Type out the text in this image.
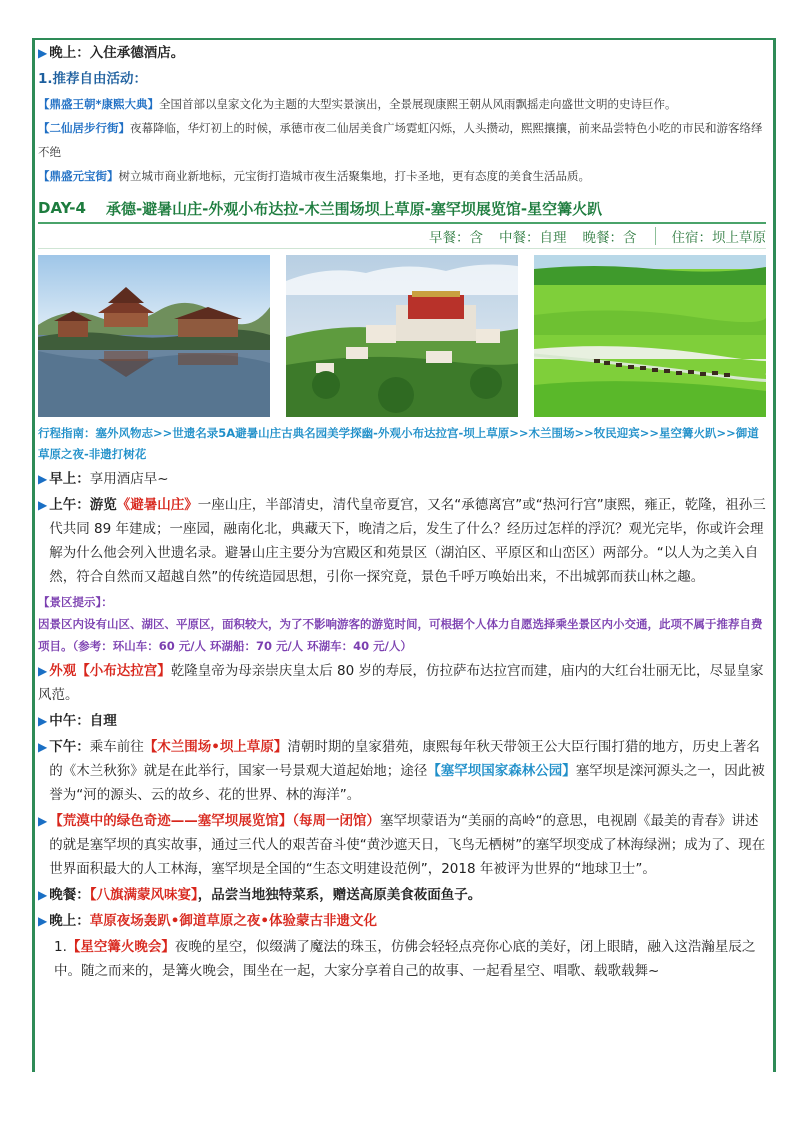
▶ 晚上：入住承德酒店。
1.推荐自由活动：
【鼎盛王朝*康熙大典】全国首部以皇家文化为主题的大型实景演出，全景展现康熙王朝从风雨飘摇走向盛世文明的史诗巨作。
【二仙居步行街】夜幕降临，华灯初上的时候，承德市夜二仙居美食广场霓虹闪烁，人头攒动，熙熙攘攘，前来品尝特色小吃的市民和游客络绎不绝
【鼎盛元宝街】树立城市商业新地标，元宝街打造城市夜生活聚集地，打卡圣地，更有态度的美食生活品质。
DAY-4 承德-避暑山庄-外观小布达拉-木兰围场坝上草原-塞罕坝展览馆-星空篝火趴
早餐：含 中餐：自理 晚餐：含	住宿：坝上草原
行程指南：塞外风物志>>世遗名录5A避暑山庄古典名园美学探幽-外观小布达拉宫-坝上草原>>木兰围场>>牧民迎宾>>星空篝火趴>>御道草原之夜-非遗打树花
▶ 早上：享用酒店早~
▶ 上午：游览《避暑山庄》一座山庄，半部清史，清代皇帝夏宫，又名“承德离宫”或“热河行宫”康熙，雍正，乾隆，祖孙三代共同 89 年建成；一座园，融南化北，典藏天下，晚清之后，发生了什么？经历过怎样的浮沉？观光完毕，你或许会理解为什么他会列入世遗名录。避暑山庄主要分为宫殿区和苑景区（湖泊区、平原区和山峦区）两部分。“以人为之美入自然，符合自然而又超越自然”的传统造园思想，引你一探究竟，景色千呼万唤始出来，不出城郭而获山林之趣。
【景区提示】：
因景区内设有山区、湖区、平原区，面积较大，为了不影响游客的游览时间，可根据个人体力自愿选择乘坐景区内小交通，此项不属于推荐自费项目。（参考：环山车：60 元/人 环湖船：70 元/人 环湖车：40 元/人）
▶ 外观【小布达拉宫】乾隆皇帝为母亲崇庆皇太后 80 岁的寿辰，仿拉萨布达拉宫而建，庙内的大红台壮丽无比，尽显皇家风范。
▶ 中午：自理
▶ 下午：乘车前往【木兰围场•坝上草原】清朝时期的皇家猎苑，康熙每年秋天带领王公大臣行围打猎的地方，历史上著名的《木兰秋狝》就是在此举行，国家一号景观大道起始地；途径【塞罕坝国家森林公园】塞罕坝是滦河源头之一，因此被誉为“河的源头、云的故乡、花的世界、林的海洋”。
▶ 【荒漠中的绿色奇迹——塞罕坝展览馆】（每周一闭馆）塞罕坝蒙语为“美丽的高岭“的意思，电视剧《最美的青春》讲述的就是塞罕坝的真实故事，通过三代人的艰苦奋斗使“黄沙遮天日，飞鸟无栖树”的塞罕坝变成了林海绿洲；成为了、现在世界面积最大的人工林海，塞罕坝是全国的“生态文明建设范例”，2018 年被评为世界的“地球卫士”。
▶ 晚餐：【八旗满蒙风味宴】，品尝当地独特菜系，赠送高原美食莜面鱼子。
▶ 晚上：草原夜场轰趴•御道草原之夜•体验蒙古非遗文化
1.【星空篝火晚会】夜晚的星空，似缀满了魔法的珠玉，仿佛会轻轻点亮你心底的美好，闭上眼睛，融入这浩瀚星辰之中。随之而来的，是篝火晚会，围坐在一起，大家分享着自己的故事、一起看星空、唱歌、载歌载舞~
